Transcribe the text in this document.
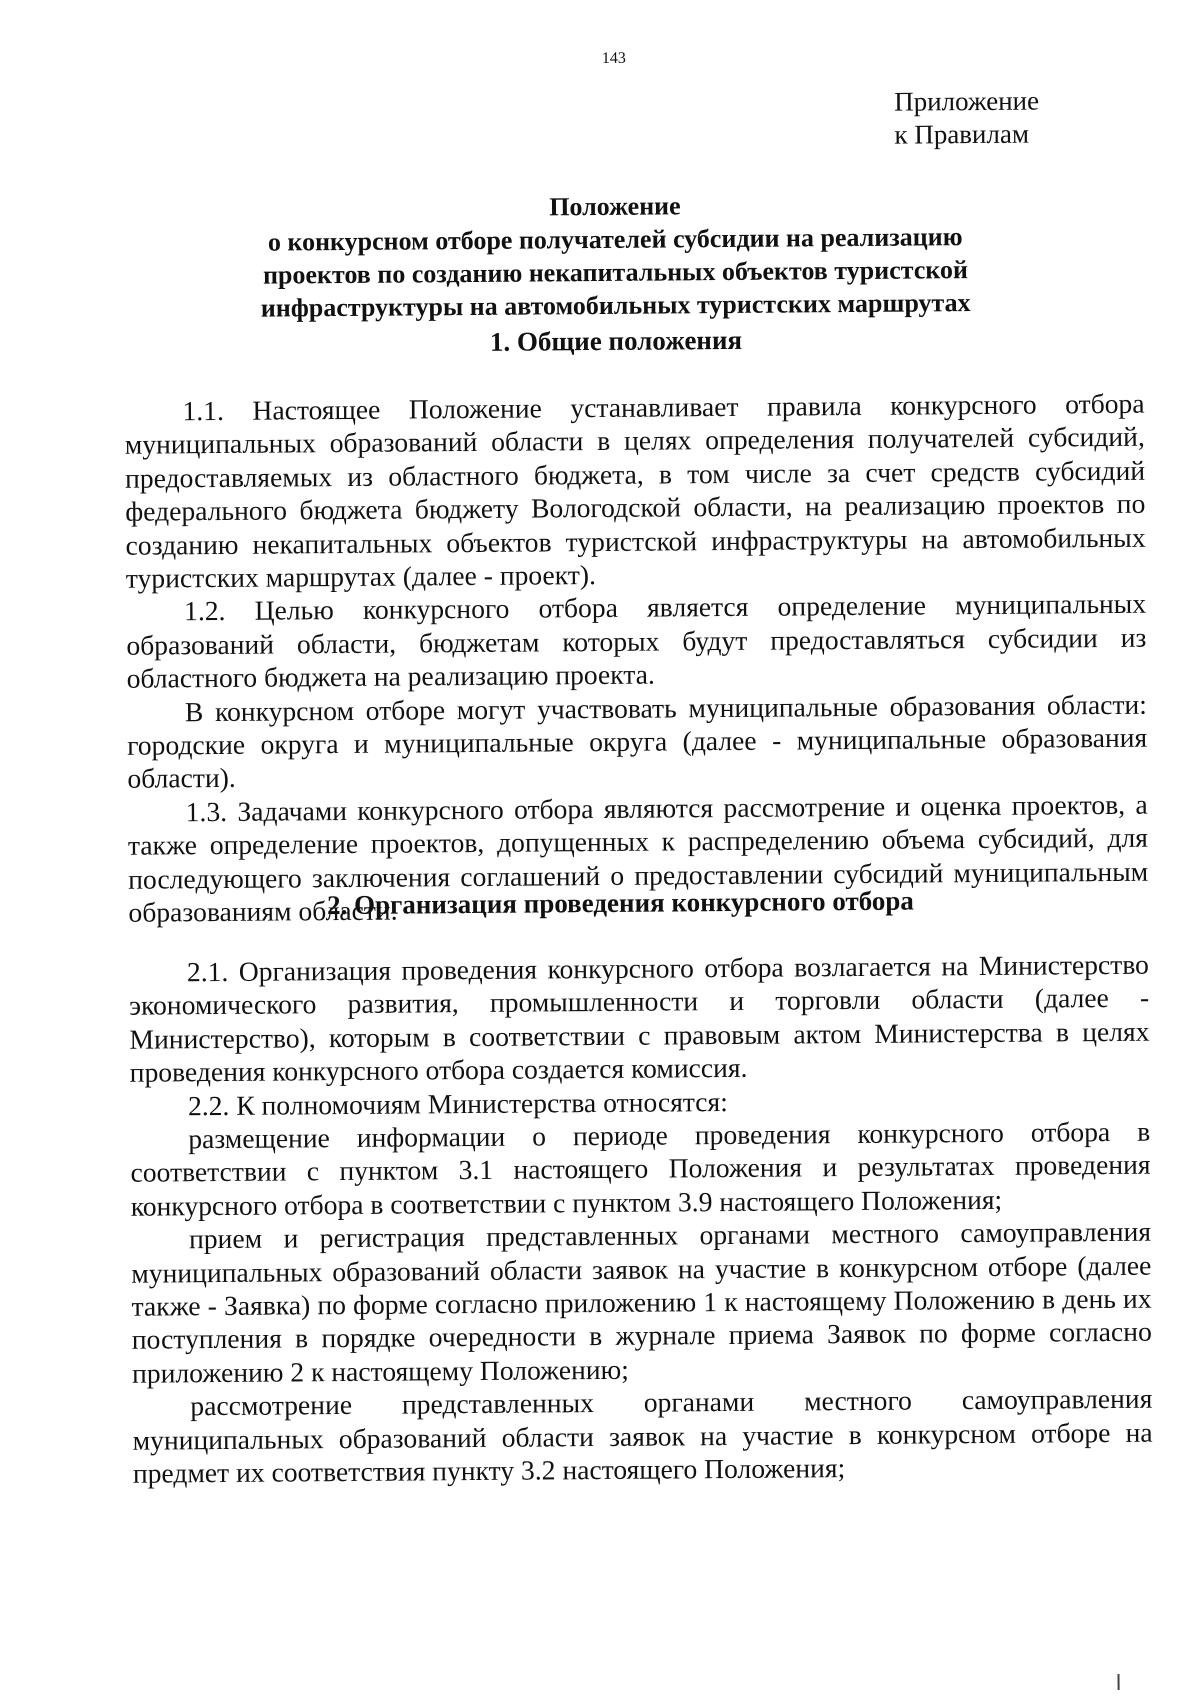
143
Приложение
к Правилам
Положение
о конкурсном отборе получателей субсидии на реализацию
проектов по созданию некапитальных объектов туристской
инфраструктуры на автомобильных туристских маршрутах
1. Общие положения

1.1. Настоящее Положение устанавливает правила конкурсного отбора муниципальных образований области в целях определения получателей субсидий, предоставляемых из областного бюджета, в том числе за счет средств субсидий федерального бюджета бюджету Вологодской области, на реализацию проектов по созданию некапитальных объектов туристской инфраструктуры на автомобильных туристских маршрутах (далее - проект).

1.2. Целью конкурсного отбора является определение муниципальных образований области, бюджетам которых будут предоставляться субсидии из областного бюджета на реализацию проекта.

В конкурсном отборе могут участвовать муниципальные образования области: городские округа и муниципальные округа (далее - муниципальные образования области).

1.3. Задачами конкурсного отбора являются рассмотрение и оценка проектов, а также определение проектов, допущенных к распределению объема субсидий, для последующего заключения соглашений о предоставлении субсидий муниципальным образованиям области.

2. Организация проведения конкурсного отбора

2.1. Организация проведения конкурсного отбора возлагается на Министерство экономического развития, промышленности и торговли области (далее - Министерство), которым в соответствии с правовым актом Министерства в целях проведения конкурсного отбора создается комиссия.

2.2. К полномочиям Министерства относятся:

размещение информации о периоде проведения конкурсного отбора в соответствии с пунктом 3.1 настоящего Положения и результатах проведения конкурсного отбора в соответствии с пунктом 3.9 настоящего Положения;

прием и регистрация представленных органами местного самоуправления муниципальных образований области заявок на участие в конкурсном отборе (далее также - Заявка) по форме согласно приложению 1 к настоящему Положению в день их поступления в порядке очередности в журнале приема Заявок по форме согласно приложению 2 к настоящему Положению;

рассмотрение представленных органами местного самоуправления муниципальных образований области заявок на участие в конкурсном отборе на предмет их соответствия пункту 3.2 настоящего Положения;
